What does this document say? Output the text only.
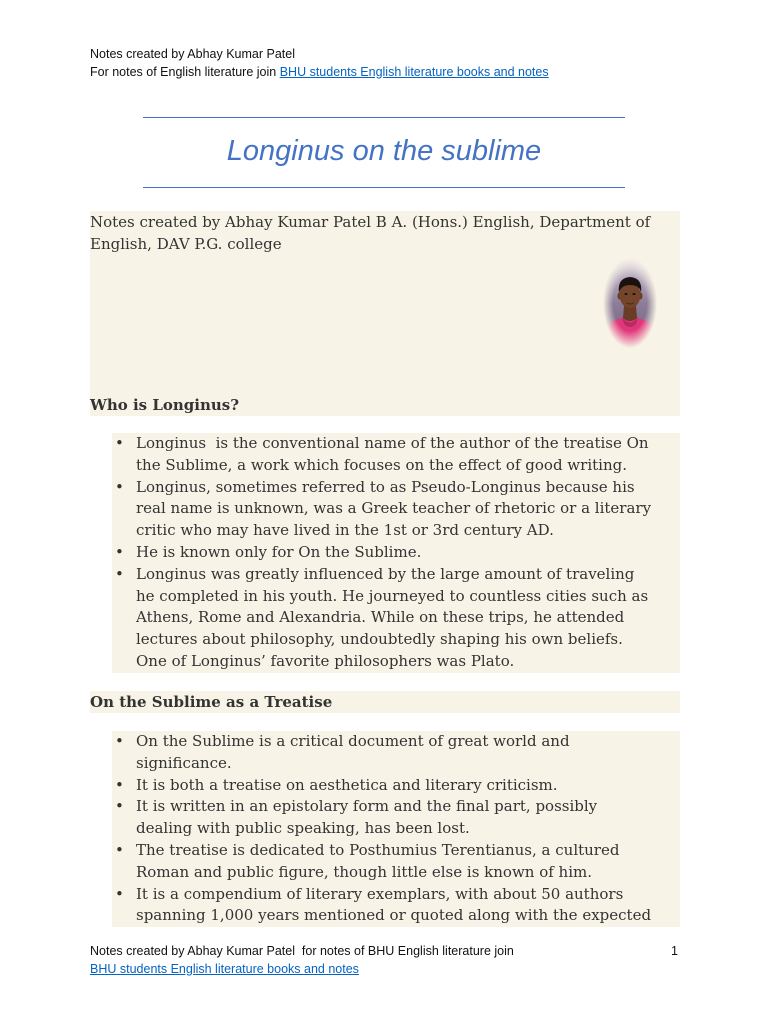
Notes created by Abhay Kumar Patel
For notes of English literature join BHU students English literature books and notes
Longinus on the sublime
Notes created by Abhay Kumar Patel B A. (Hons.) English, Department of
English, DAV P.G. college
Who is Longinus?
• Longinus  is the conventional name of the author of the treatise On
the Sublime, a work which focuses on the effect of good writing.
• Longinus, sometimes referred to as Pseudo-Longinus because his
real name is unknown, was a Greek teacher of rhetoric or a literary
critic who may have lived in the 1st or 3rd century AD.
• He is known only for On the Sublime.
• Longinus was greatly influenced by the large amount of traveling
he completed in his youth. He journeyed to countless cities such as
Athens, Rome and Alexandria. While on these trips, he attended
lectures about philosophy, undoubtedly shaping his own beliefs.
One of Longinus’ favorite philosophers was Plato.
On the Sublime as a Treatise
• On the Sublime is a critical document of great world and
significance.
• It is both a treatise on aesthetica and literary criticism.
• It is written in an epistolary form and the final part, possibly
dealing with public speaking, has been lost.
• The treatise is dedicated to Posthumius Terentianus, a cultured
Roman and public figure, though little else is known of him.
• It is a compendium of literary exemplars, with about 50 authors
spanning 1,000 years mentioned or quoted along with the expected
Notes created by Abhay Kumar Patel  for notes of BHU English literature join
BHU students English literature books and notes
1
